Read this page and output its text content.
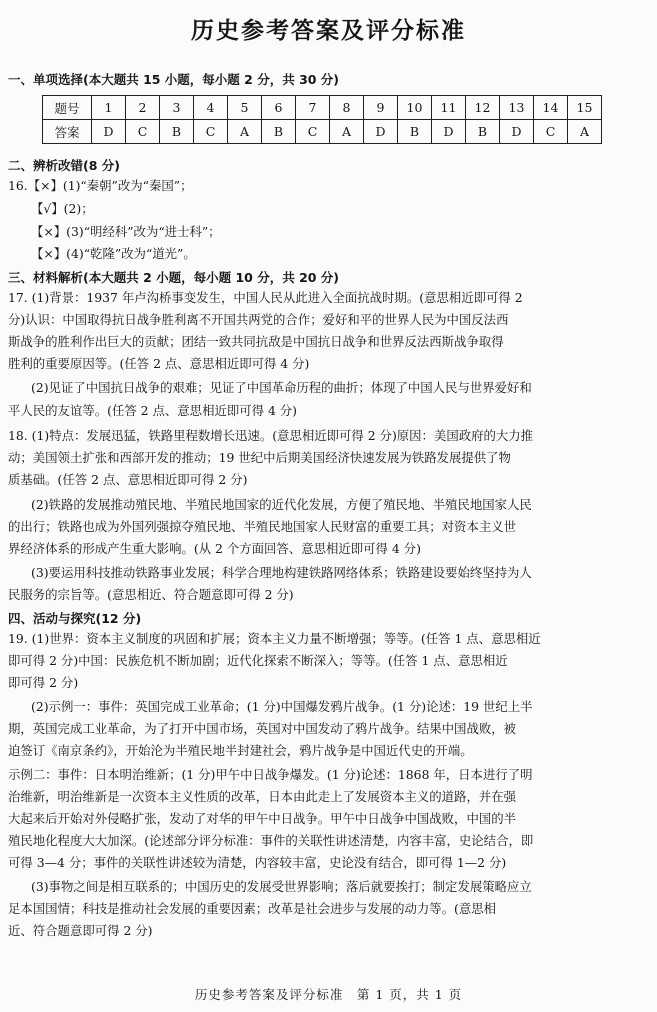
历史参考答案及评分标准
一、单项选择(本大题共 15 小题，每小题 2 分，共 30 分)
题号	1	2	3	4	5	6	7	8	9	10	11	12	13	14	15
答案	D	C	B	C	A	B	C	A	D	B	D	B	D	C	A
二、辨析改错(8 分)
16.【×】(1)“秦朝”改为“秦国”；
【√】(2)；
【×】(3)“明经科”改为“进士科”；
【×】(4)“乾隆”改为“道光”。
三、材料解析(本大题共 2 小题，每小题 10 分，共 20 分)
17. (1)背景：1937 年卢沟桥事变发生，中国人民从此进入全面抗战时期。(意思相近即可得 2
分)认识：中国取得抗日战争胜利离不开国共两党的合作；爱好和平的世界人民为中国反法西
斯战争的胜利作出巨大的贡献；团结一致共同抗敌是中国抗日战争和世界反法西斯战争取得
胜利的重要原因等。(任答 2 点、意思相近即可得 4 分)
(2)见证了中国抗日战争的艰难；见证了中国革命历程的曲折；体现了中国人民与世界爱好和
平人民的友谊等。(任答 2 点、意思相近即可得 4 分)
18. (1)特点：发展迅猛，铁路里程数增长迅速。(意思相近即可得 2 分)原因：美国政府的大力推
动；美国领土扩张和西部开发的推动；19 世纪中后期美国经济快速发展为铁路发展提供了物
质基础。(任答 2 点、意思相近即可得 2 分)
(2)铁路的发展推动殖民地、半殖民地国家的近代化发展，方便了殖民地、半殖民地国家人民
的出行；铁路也成为外国列强掠夺殖民地、半殖民地国家人民财富的重要工具；对资本主义世
界经济体系的形成产生重大影响。(从 2 个方面回答、意思相近即可得 4 分)
(3)要运用科技推动铁路事业发展；科学合理地构建铁路网络体系；铁路建设要始终坚持为人
民服务的宗旨等。(意思相近、符合题意即可得 2 分)
四、活动与探究(12 分)
19. (1)世界：资本主义制度的巩固和扩展；资本主义力量不断增强；等等。(任答 1 点、意思相近
即可得 2 分)中国：民族危机不断加剧；近代化探索不断深入；等等。(任答 1 点、意思相近
即可得 2 分)
(2)示例一：事件：英国完成工业革命；(1 分)中国爆发鸦片战争。(1 分)论述：19 世纪上半
期，英国完成工业革命，为了打开中国市场，英国对中国发动了鸦片战争。结果中国战败，被
迫签订《南京条约》，开始沦为半殖民地半封建社会，鸦片战争是中国近代史的开端。
示例二：事件：日本明治维新；(1 分)甲午中日战争爆发。(1 分)论述：1868 年，日本进行了明
治维新，明治维新是一次资本主义性质的改革，日本由此走上了发展资本主义的道路，并在强
大起来后开始对外侵略扩张，发动了对华的甲午中日战争。甲午中日战争中国战败，中国的半
殖民地化程度大大加深。(论述部分评分标准：事件的关联性讲述清楚，内容丰富，史论结合，即
可得 3—4 分；事件的关联性讲述较为清楚，内容较丰富，史论没有结合，即可得 1—2 分)
(3)事物之间是相互联系的；中国历史的发展受世界影响；落后就要挨打；制定发展策略应立
足本国国情；科技是推动社会发展的重要因素；改革是社会进步与发展的动力等。(意思相
近、符合题意即可得 2 分)
历史参考答案及评分标准　第 1 页，共 1 页
